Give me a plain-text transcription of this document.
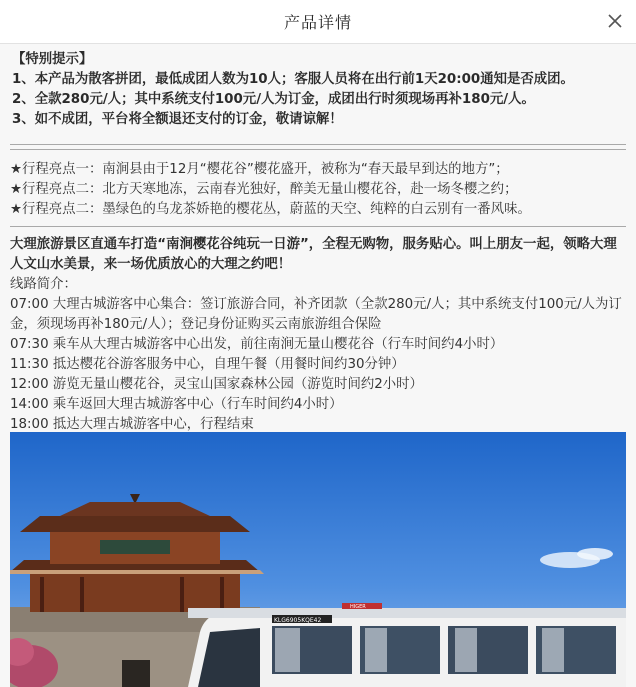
产品详情
【特别提示】
1、本产品为散客拼团，最低成团人数为10人；客服人员将在出行前1天20:00通知是否成团。
2、全款280元/人；其中系统支付100元/人为订金，成团出行时须现场再补180元/人。
3、如不成团，平台将全额退还支付的订金，敬请谅解！
★行程亮点一：南涧县由于12月“樱花谷”樱花盛开，被称为“春天最早到达的地方”；
★行程亮点二：北方天寒地冻，云南春光独好，醉美无量山樱花谷，赴一场冬樱之约；
★行程亮点二：墨绿色的乌龙茶娇艳的樱花丛，蔚蓝的天空、纯粹的白云别有一番风味。
大理旅游景区直通车打造“南涧樱花谷纯玩一日游”，全程无购物，服务贴心。叫上朋友一起，领略大理人文山水美景，来一场优质放心的大理之约吧！
线路简介：
07:00 大理古城游客中心集合：签订旅游合同，补齐团款（全款280元/人；其中系统支付100元/人为订金，须现场再补180元/人）；登记身份证购买云南旅游组合保险
07:30 乘车从大理古城游客中心出发，前往南涧无量山樱花谷（行车时间约4小时）
11:30 抵达樱花谷游客服务中心，自理午餐（用餐时间约30分钟）
12:00 游览无量山樱花谷，灵宝山国家森林公园（游览时间约2小时）
14:00 乘车返回大理古城游客中心（行车时间约4小时）
18:00 抵达大理古城游客中心，行程结束
KLG6905KQE42
HIGER
